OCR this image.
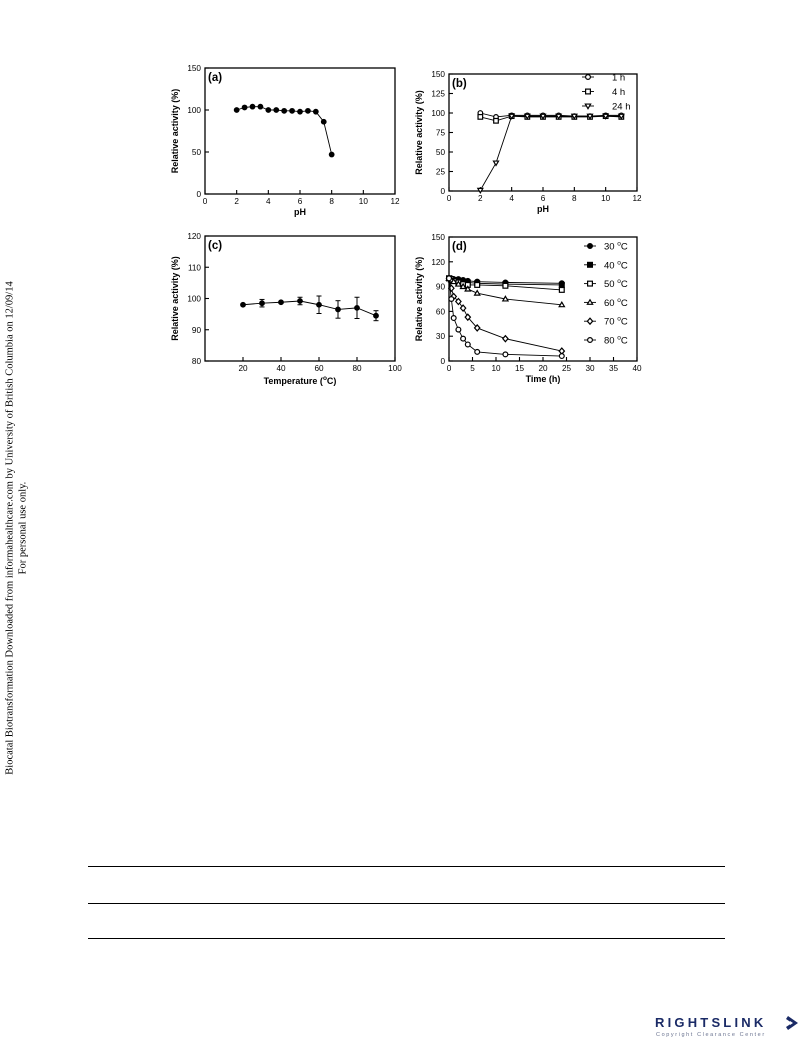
Biocatal Biotransformation Downloaded from informahealthcare.com by University of British Columbia on 12/09/14 For personal use only.
0	2	4	6	8	10	12
0
50
100
150
(a)
pH
Relative activity (%)
0	2	4	6	8	10	12
0
25
50
75
100
125
150
(b)
pH
Relative activity (%)
1 h
4 h
24 h
20	40	60	80	100
80
90
100
110
120
(c)
Temperature ($^o$C)
Relative activity (%)
0 5 10 15 20 25 30 35 40
0
30
60
90
120
150
(d)
Time (h)
Relative activity (%)
30 $^o$C
40 $^o$C
50 $^o$C
60 $^o$C
70 $^o$C
80 $^o$C
RIGHTSLINK
Copyright Clearance Center
